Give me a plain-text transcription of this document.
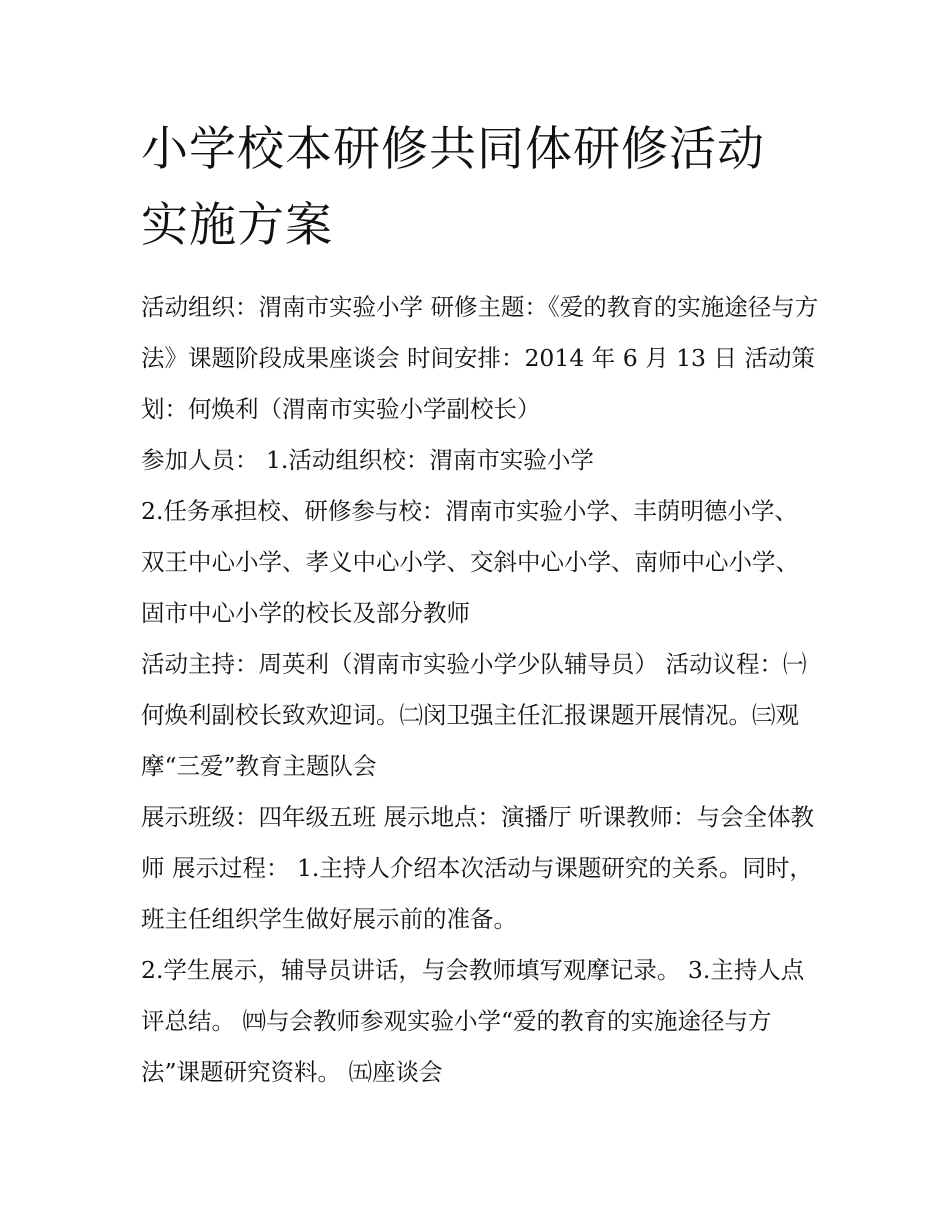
小学校本研修共同体研修活动
实施方案

活动组织：渭南市实验小学 研修主题：《爱的教育的实施途径与方法》课题阶段成果座谈会 时间安排：2014 年 6 月 13 日 活动策划：何焕利（渭南市实验小学副校长）

参加人员： 1.活动组织校：渭南市实验小学

2.任务承担校、研修参与校：渭南市实验小学、丰荫明德小学、双王中心小学、孝义中心小学、交斜中心小学、南师中心小学、固市中心小学的校长及部分教师

活动主持：周英利（渭南市实验小学少队辅导员） 活动议程：㈠何焕利副校长致欢迎词。㈡闵卫强主任汇报课题开展情况。㈢观摩“三爱”教育主题队会

展示班级：四年级五班 展示地点：演播厅 听课教师：与会全体教师 展示过程： 1.主持人介绍本次活动与课题研究的关系。同时，班主任组织学生做好展示前的准备。

2.学生展示，辅导员讲话，与会教师填写观摩记录。 3.主持人点评总结。 ㈣与会教师参观实验小学“爱的教育的实施途径与方法”课题研究资料。 ㈤座谈会
